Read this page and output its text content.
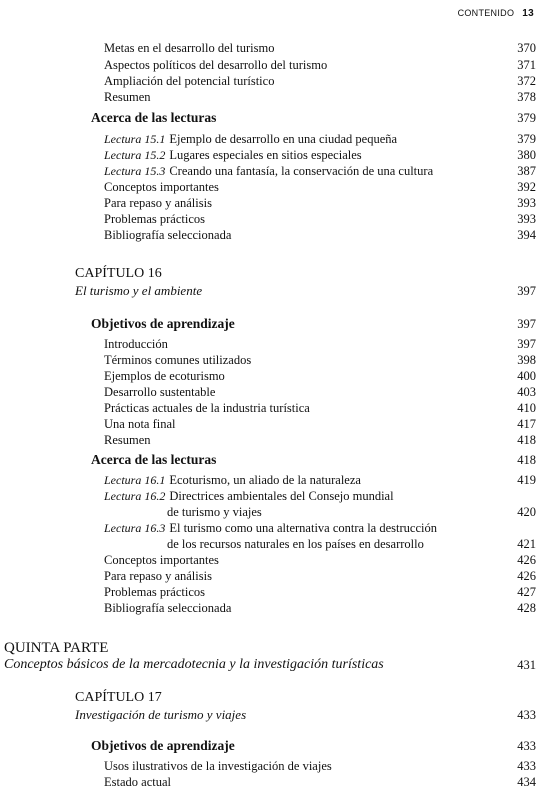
CONTENIDO 13
Metas en el desarrollo del turismo	370
Aspectos políticos del desarrollo del turismo	371
Ampliación del potencial turístico	372
Resumen	378
Acerca de las lecturas	379
Lectura 15.1 Ejemplo de desarrollo en una ciudad pequeña	379
Lectura 15.2 Lugares especiales en sitios especiales	380
Lectura 15.3 Creando una fantasía, la conservación de una cultura	387
Conceptos importantes	392
Para repaso y análisis	393
Problemas prácticos	393
Bibliografía seleccionada	394
CAPÍTULO 16
El turismo y el ambiente	397
Objetivos de aprendizaje	397
Introducción	397
Términos comunes utilizados	398
Ejemplos de ecoturismo	400
Desarrollo sustentable	403
Prácticas actuales de la industria turística	410
Una nota final	417
Resumen	418
Acerca de las lecturas	418
Lectura 16.1 Ecoturismo, un aliado de la naturaleza	419
Lectura 16.2 Directrices ambientales del Consejo mundial
de turismo y viajes	420
Lectura 16.3 El turismo como una alternativa contra la destrucción
de los recursos naturales en los países en desarrollo	421
Conceptos importantes	426
Para repaso y análisis	426
Problemas prácticos	427
Bibliografía seleccionada	428
QUINTA PARTE
Conceptos básicos de la mercadotecnia y la investigación turísticas	431
CAPÍTULO 17
Investigación de turismo y viajes	433
Objetivos de aprendizaje	433
Usos ilustrativos de la investigación de viajes	433
Estado actual	434
